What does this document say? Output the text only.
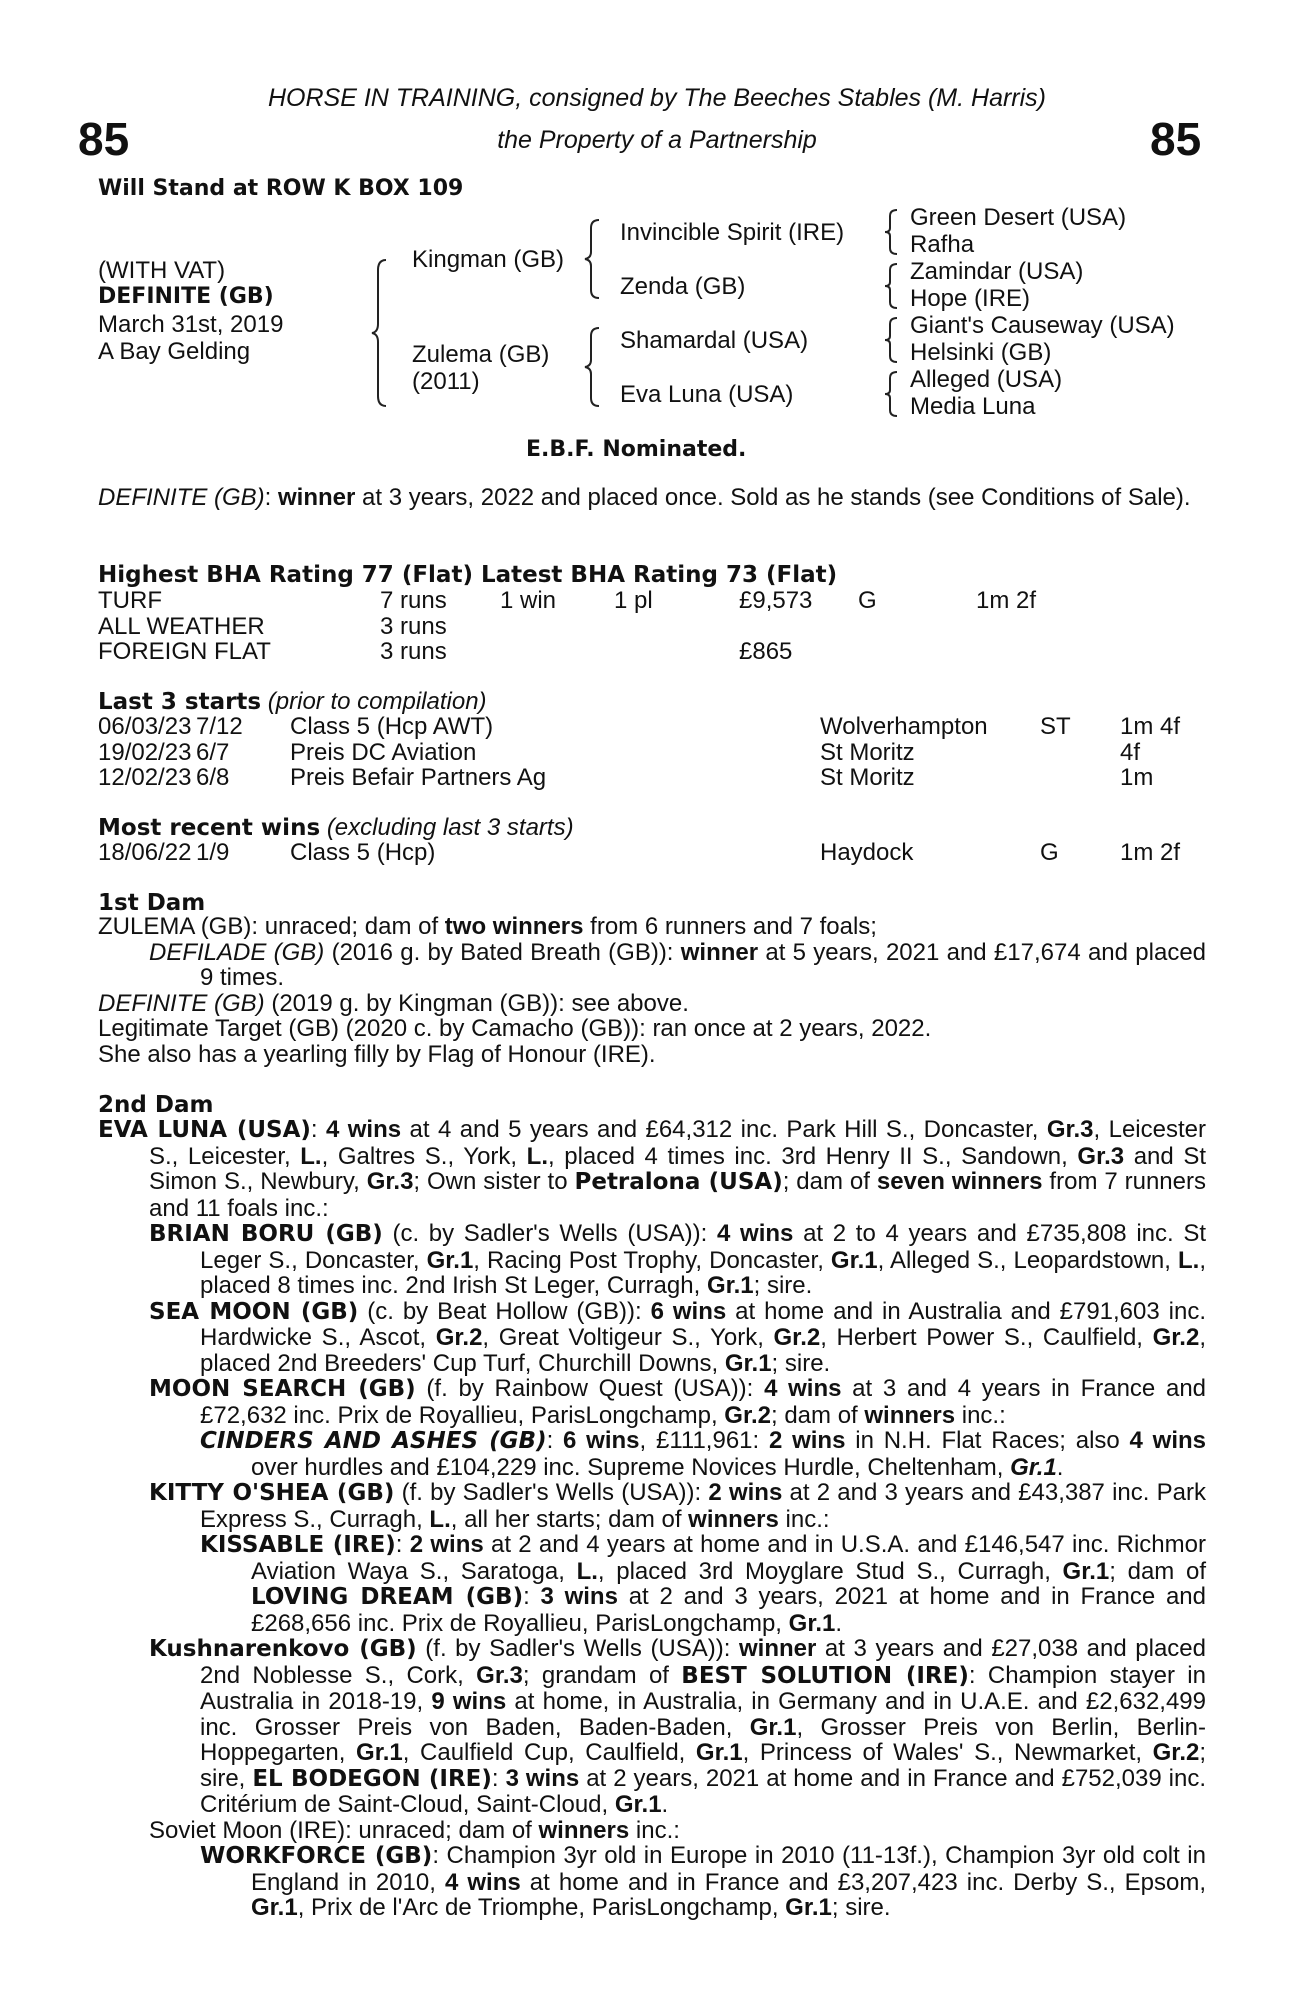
85	85
HORSE IN TRAINING, consigned by The Beeches Stables (M. Harris)
the Property of a Partnership
Will Stand at ROW K BOX 109
(WITH VAT)
DEFINITE (GB)
March 31st, 2019
A Bay Gelding
Kingman (GB)
Zulema (GB)
(2011)
Invincible Spirit (IRE)
Zenda (GB)
Shamardal (USA)
Eva Luna (USA)
Green Desert (USA)
Rafha
Zamindar (USA)
Hope (IRE)
Giant's Causeway (USA)
Helsinki (GB)
Alleged (USA)
Media Luna
E.B.F. Nominated.

DEFINITE (GB): winner at 3 years, 2022 and placed once. Sold as he stands (see Conditions of Sale).

Highest BHA Rating 77 (Flat) Latest BHA Rating 73 (Flat)
TURF	7 runs 1 win 1 pl	£9,573 G	1m 2f
ALL WEATHER	3 runs
FOREIGN FLAT	3 runs	£865
Last 3 starts (prior to compilation)
06/03/23 7/12 Class 5 (Hcp AWT)	Wolverhampton ST 1m 4f
19/02/23 6/7	Preis DC Aviation	St Moritz	4f
12/02/23 6/8	Preis Befair Partners Ag	St Moritz	1m
Most recent wins (excluding last 3 starts)
18/06/22 1/9	Class 5 (Hcp)	Haydock	G	1m 2f
1st Dam

ZULEMA (GB): unraced; dam of two winners from 6 runners and 7 foals;

DEFILADE (GB) (2016 g. by Bated Breath (GB)): winner at 5 years, 2021 and £17,674 and placed 9 times.

DEFINITE (GB) (2019 g. by Kingman (GB)): see above.

Legitimate Target (GB) (2020 c. by Camacho (GB)): ran once at 2 years, 2022.

She also has a yearling filly by Flag of Honour (IRE).

2nd Dam

EVA LUNA (USA): 4 wins at 4 and 5 years and £64,312 inc. Park Hill S., Doncaster, Gr.3, Leicester S., Leicester, L., Galtres S., York, L., placed 4 times inc. 3rd Henry II S., Sandown, Gr.3 and St Simon S., Newbury, Gr.3; Own sister to Petralona (USA); dam of seven winners from 7 runners and 11 foals inc.:

BRIAN BORU (GB) (c. by Sadler's Wells (USA)): 4 wins at 2 to 4 years and £735,808 inc. St Leger S., Doncaster, Gr.1, Racing Post Trophy, Doncaster, Gr.1, Alleged S., Leopardstown, L., placed 8 times inc. 2nd Irish St Leger, Curragh, Gr.1; sire.

SEA MOON (GB) (c. by Beat Hollow (GB)): 6 wins at home and in Australia and £791,603 inc. Hardwicke S., Ascot, Gr.2, Great Voltigeur S., York, Gr.2, Herbert Power S., Caulfield, Gr.2, placed 2nd Breeders' Cup Turf, Churchill Downs, Gr.1; sire.

MOON SEARCH (GB) (f. by Rainbow Quest (USA)): 4 wins at 3 and 4 years in France and £72,632 inc. Prix de Royallieu, ParisLongchamp, Gr.2; dam of winners inc.:

CINDERS AND ASHES (GB): 6 wins, £111,961: 2 wins in N.H. Flat Races; also 4 wins over hurdles and £104,229 inc. Supreme Novices Hurdle, Cheltenham, Gr.1.

KITTY O'SHEA (GB) (f. by Sadler's Wells (USA)): 2 wins at 2 and 3 years and £43,387 inc. Park Express S., Curragh, L., all her starts; dam of winners inc.:

KISSABLE (IRE): 2 wins at 2 and 4 years at home and in U.S.A. and £146,547 inc. Richmor Aviation Waya S., Saratoga, L., placed 3rd Moyglare Stud S., Curragh, Gr.1; dam of LOVING DREAM (GB): 3 wins at 2 and 3 years, 2021 at home and in France and £268,656 inc. Prix de Royallieu, ParisLongchamp, Gr.1.

Kushnarenkovo (GB) (f. by Sadler's Wells (USA)): winner at 3 years and £27,038 and placed 2nd Noblesse S., Cork, Gr.3; grandam of BEST SOLUTION (IRE): Champion stayer in Australia in 2018-19, 9 wins at home, in Australia, in Germany and in U.A.E. and £2,632,499 inc. Grosser Preis von Baden, Baden-Baden, Gr.1, Grosser Preis von Berlin, Berlin-Hoppegarten, Gr.1, Caulfield Cup, Caulfield, Gr.1, Princess of Wales' S., Newmarket, Gr.2; sire, EL BODEGON (IRE): 3 wins at 2 years, 2021 at home and in France and £752,039 inc. Critérium de Saint-Cloud, Saint-Cloud, Gr.1.

Soviet Moon (IRE): unraced; dam of winners inc.:

WORKFORCE (GB): Champion 3yr old in Europe in 2010 (11-13f.), Champion 3yr old colt in England in 2010, 4 wins at home and in France and £3,207,423 inc. Derby S., Epsom, Gr.1, Prix de l'Arc de Triomphe, ParisLongchamp, Gr.1; sire.
